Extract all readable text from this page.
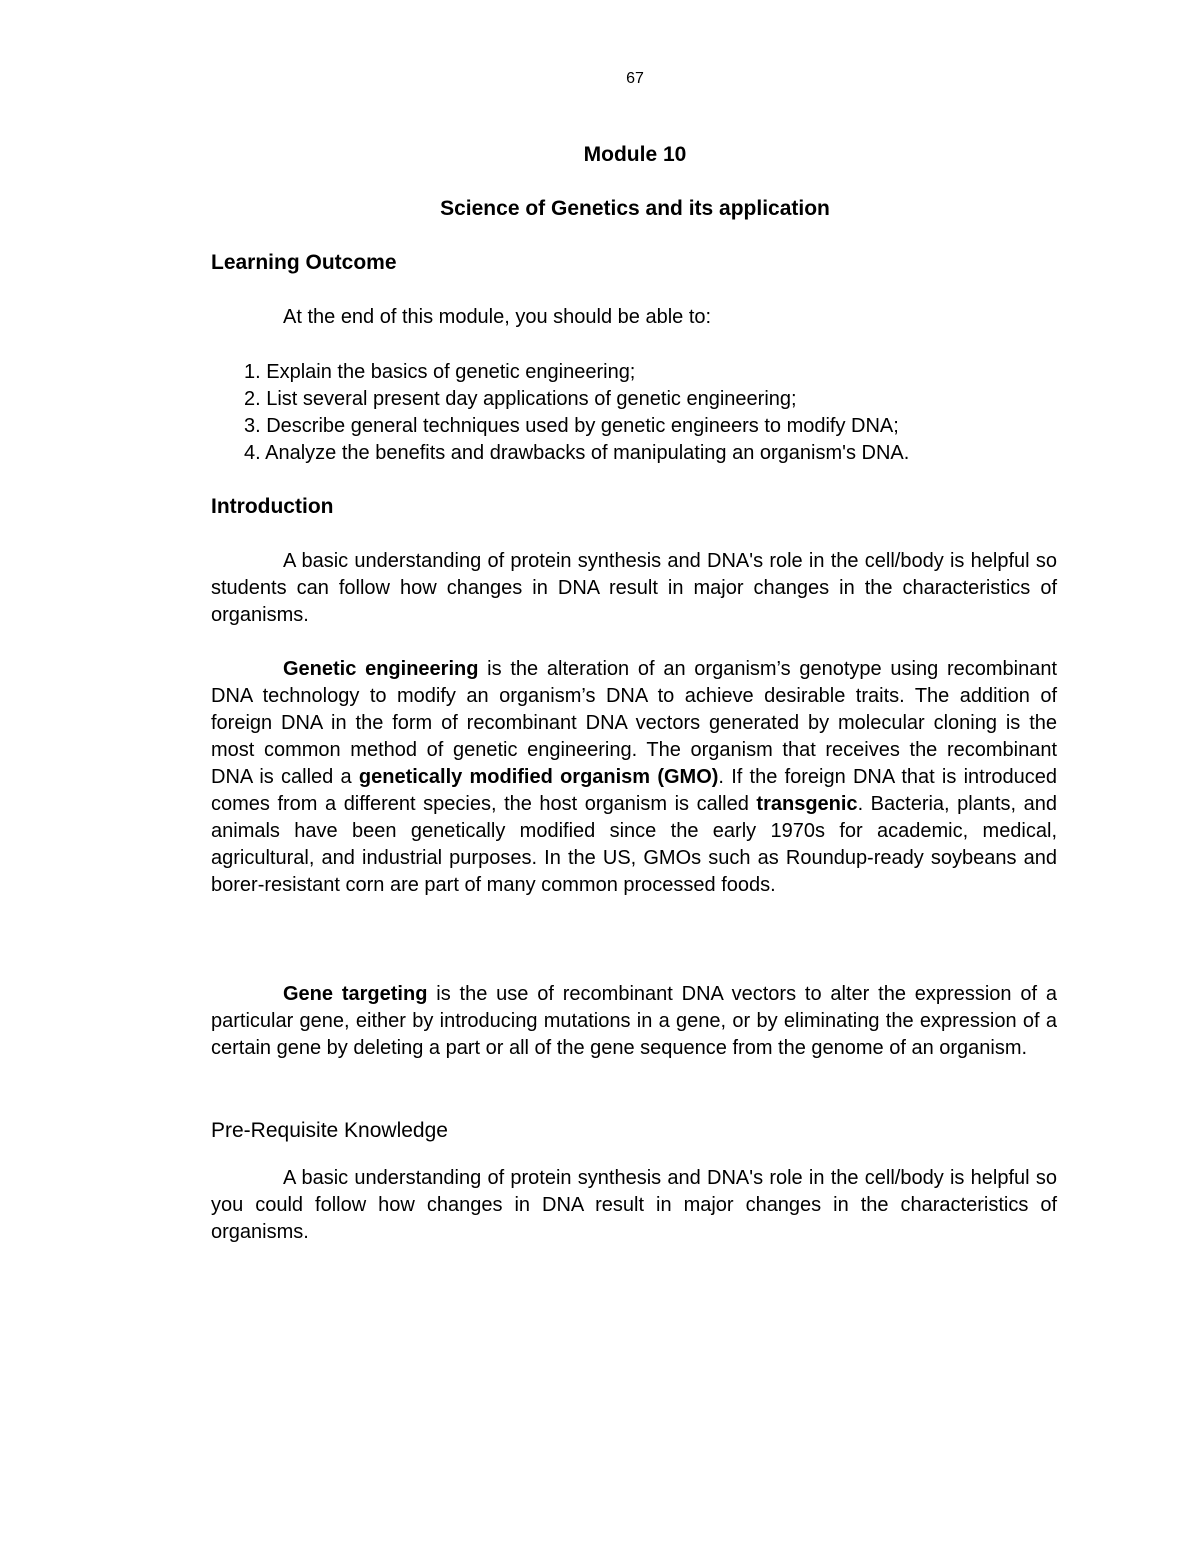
67
Module 10
Science of Genetics and its application
Learning Outcome
At the end of this module, you should be able to:
1. Explain the basics of genetic engineering;
2. List several present day applications of genetic engineering;
3. Describe general techniques used by genetic engineers to modify DNA;
4. Analyze the benefits and drawbacks of manipulating an organism's DNA.
Introduction

A basic understanding of protein synthesis and DNA's role in the cell/body is helpful so students can follow how changes in DNA result in major changes in the characteristics of organisms.

Genetic engineering is the alteration of an organism’s genotype using recombinant DNA technology to modify an organism’s DNA to achieve desirable traits. The addition of foreign DNA in the form of recombinant DNA vectors generated by molecular cloning is the most common method of genetic engineering. The organism that receives the recombinant DNA is called a genetically modified organism (GMO). If the foreign DNA that is introduced comes from a different species, the host organism is called transgenic. Bacteria, plants, and animals have been genetically modified since the early 1970s for academic, medical, agricultural, and industrial purposes. In the US, GMOs such as Roundup-ready soybeans and borer-resistant corn are part of many common processed foods.

Gene targeting is the use of recombinant DNA vectors to alter the expression of a particular gene, either by introducing mutations in a gene, or by eliminating the expression of a certain gene by deleting a part or all of the gene sequence from the genome of an organism.

Pre-Requisite Knowledge

A basic understanding of protein synthesis and DNA's role in the cell/body is helpful so you could follow how changes in DNA result in major changes in the characteristics of organisms.
